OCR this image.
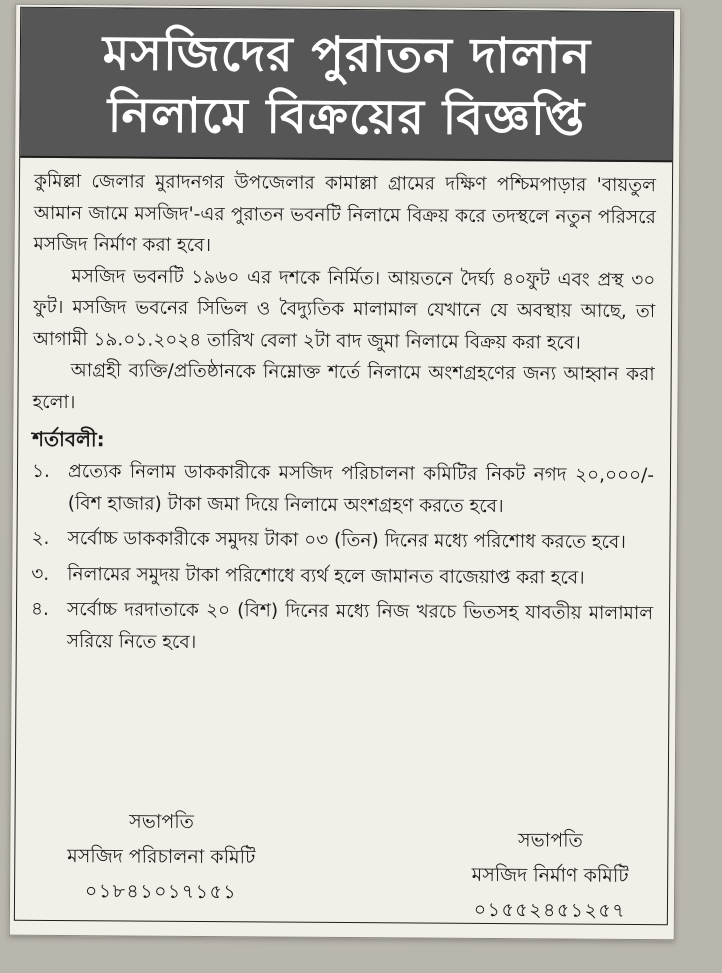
মসজিদের পুরাতন দালান
নিলামে বিক্রয়ের বিজ্ঞপ্তি

কুমিল্লা জেলার মুরাদনগর উপজেলার কামাল্লা গ্রামের দক্ষিণ পশ্চিমপাড়ার 'বায়তুল আমান জামে মসজিদ'-এর পুরাতন ভবনটি নিলামে বিক্রয় করে তদস্থলে নতুন পরিসরে মসজিদ নির্মাণ করা হবে।

মসজিদ ভবনটি ১৯৬০ এর দশকে নির্মিত। আয়তনে দৈর্ঘ্য ৪০ফুট এবং প্রস্থ ৩০ ফুট। মসজিদ ভবনের সিভিল ও বৈদ্যুতিক মালামাল যেখানে যে অবস্থায় আছে, তা আগামী ১৯.০১.২০২৪ তারিখ বেলা ২টা বাদ জুমা নিলামে বিক্রয় করা হবে।

আগ্রহী ব্যক্তি/প্রতিষ্ঠানকে নিম্নোক্ত শর্তে নিলামে অংশগ্রহণের জন্য আহ্বান করা হলো।

শর্তাবলী:
১. প্রত্যেক নিলাম ডাককারীকে মসজিদ পরিচালনা কমিটির নিকট নগদ ২০,০০০/- (বিশ হাজার) টাকা জমা দিয়ে নিলামে অংশগ্রহণ করতে হবে।
২. সর্বোচ্চ ডাককারীকে সমুদয় টাকা ০৩ (তিন) দিনের মধ্যে পরিশোধ করতে হবে।
৩. নিলামের সমুদয় টাকা পরিশোধে ব্যর্থ হলে জামানত বাজেয়াপ্ত করা হবে।
৪. সর্বোচ্চ দরদাতাকে ২০ (বিশ) দিনের মধ্যে নিজ খরচে ভিতসহ যাবতীয় মালামাল সরিয়ে নিতে হবে।
সভাপতি
মসজিদ পরিচালনা কমিটি
০১৮৪১০১৭১৫১
সভাপতি
মসজিদ নির্মাণ কমিটি
০১৫৫২৪৫১২৫৭
